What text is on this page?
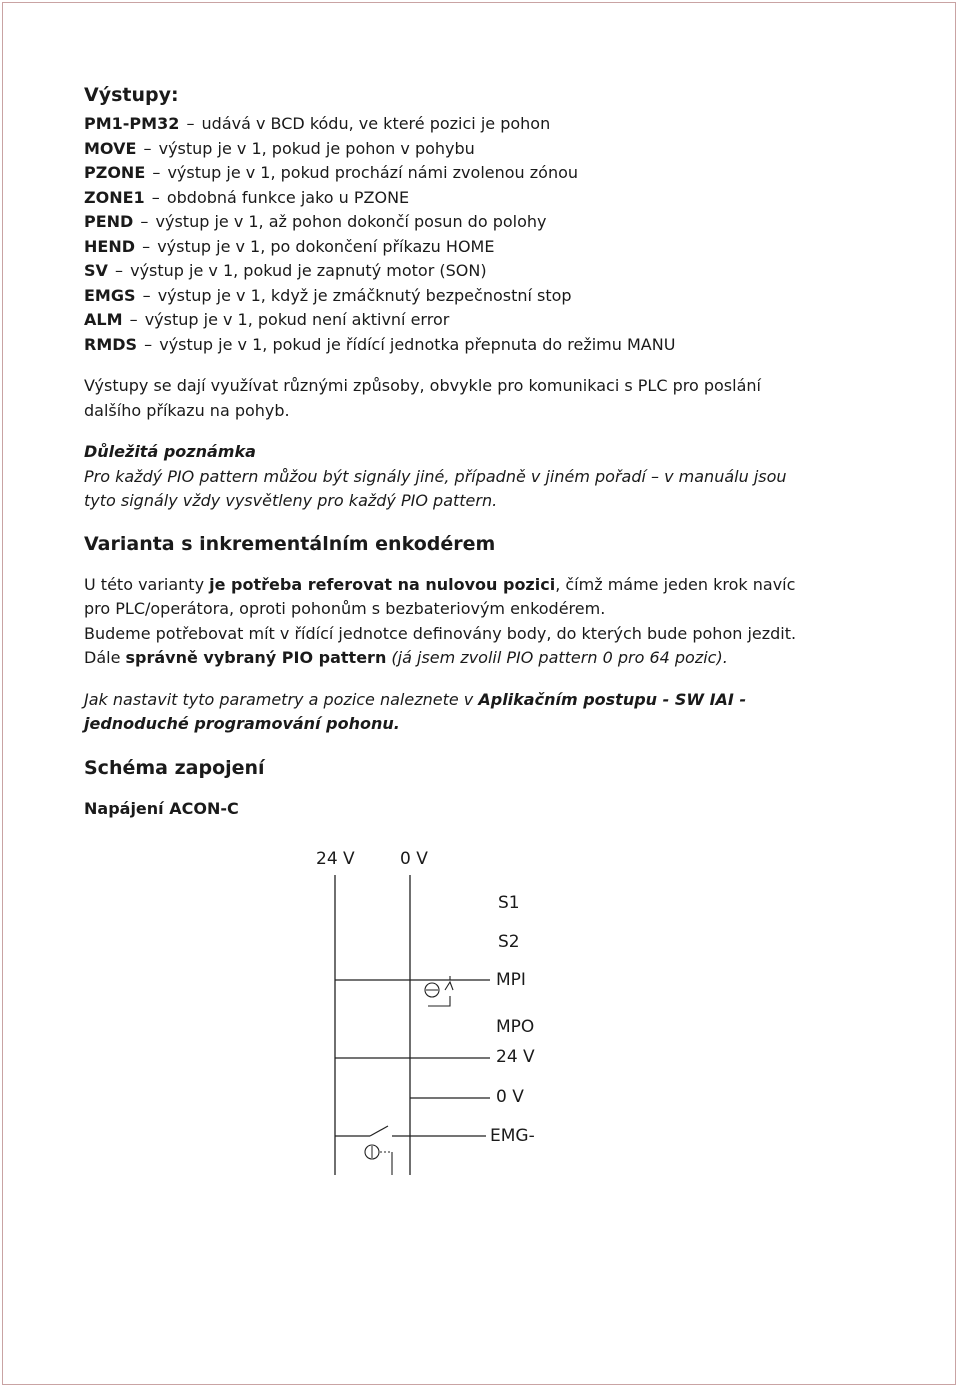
Výstupy:
PM1-PM32 – udává v BCD kódu, ve které pozici je pohon
MOVE – výstup je v 1, pokud je pohon v pohybu
PZONE – výstup je v 1, pokud prochází námi zvolenou zónou
ZONE1 – obdobná funkce jako u PZONE
PEND – výstup je v 1, až pohon dokončí posun do polohy
HEND – výstup je v 1, po dokončení příkazu HOME
SV – výstup je v 1, pokud je zapnutý motor (SON)
EMGS – výstup je v 1, když je zmáčknutý bezpečnostní stop
ALM – výstup je v 1, pokud není aktivní error
RMDS – výstup je v 1, pokud je řídící jednotka přepnuta do režimu MANU

Výstupy se dají využívat různými způsoby, obvykle pro komunikaci s PLC pro poslání
dalšího příkazu na pohyb.

Důležitá poznámka

Pro každý PIO pattern můžou být signály jiné, případně v jiném pořadí – v manuálu jsou
tyto signály vždy vysvětleny pro každý PIO pattern.

Varianta s inkrementálním enkodérem

U této varianty je potřeba referovat na nulovou pozici, čímž máme jeden krok navíc
pro PLC/operátora, oproti pohonům s bezbateriovým enkodérem.
Budeme potřebovat mít v řídící jednotce definovány body, do kterých bude pohon jezdit.
Dále správně vybraný PIO pattern (já jsem zvolil PIO pattern 0 pro 64 pozic).

Jak nastavit tyto parametry a pozice naleznete v Aplikačním postupu - SW IAI -
jednoduché programování pohonu.

Schéma zapojení

Napájení ACON-C

24 V	0 V
S1
S2
MPI
MPO
24 V
0 V
EMG-
